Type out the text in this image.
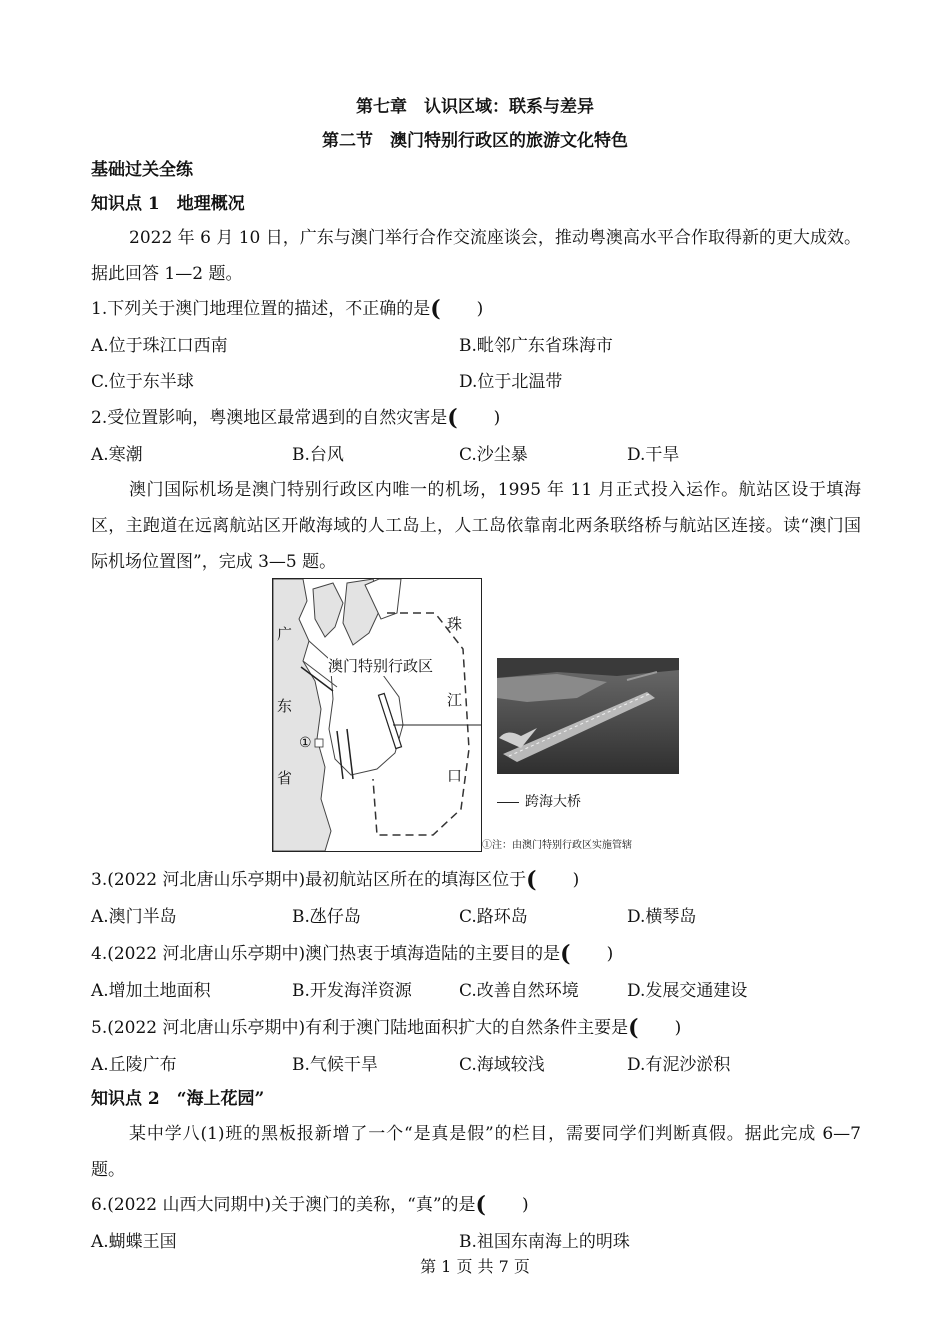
第七章　认识区域：联系与差异
第二节　澳门特别行政区的旅游文化特色
基础过关全练
知识点 1　地理概况
2022 年 6 月 10 日，广东与澳门举行合作交流座谈会，推动粤澳高水平合作取得新的更大成效。据此回答 1—2 题。
1.下列关于澳门地理位置的描述，不正确的是( )
A.位于珠江口西南	B.毗邻广东省珠海市
C.位于东半球	D.位于北温带
2.受位置影响，粤澳地区最常遇到的自然灾害是( )
A.寒潮	B.台风	C.沙尘暴	D.干旱
澳门国际机场是澳门特别行政区内唯一的机场，1995 年 11 月正式投入运作。航站区设于填海区，主跑道在远离航站区开敞海域的人工岛上，人工岛依靠南北两条联络桥与航站区连接。读“澳门国际机场位置图”，完成 3—5 题。
广
东
省
澳门特别行政区
①
珠
江
口
跨海大桥
①注：由澳门特别行政区实施管辖
3.(2022 河北唐山乐亭期中)最初航站区所在的填海区位于( )
A.澳门半岛	B.氹仔岛	C.路环岛	D.横琴岛
4.(2022 河北唐山乐亭期中)澳门热衷于填海造陆的主要目的是( )
A.增加土地面积	B.开发海洋资源	C.改善自然环境	D.发展交通建设
5.(2022 河北唐山乐亭期中)有利于澳门陆地面积扩大的自然条件主要是( )
A.丘陵广布	B.气候干旱	C.海域较浅	D.有泥沙淤积
知识点 2　“海上花园”
某中学八(1)班的黑板报新增了一个“是真是假”的栏目，需要同学们判断真假。据此完成 6—7 题。
6.(2022 山西大同期中)关于澳门的美称，“真”的是( )
A.蝴蝶王国	B.祖国东南海上的明珠
第 1 页 共 7 页
